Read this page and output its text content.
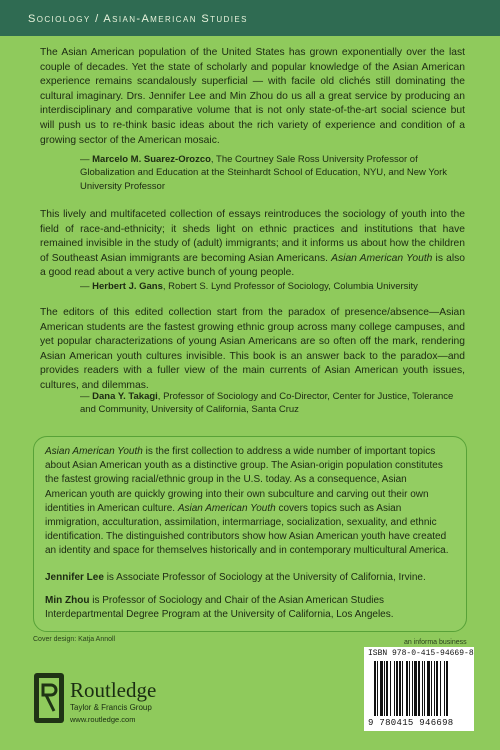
Sociology / Asian-American Studies

The Asian American population of the United States has grown exponentially over the last couple of decades. Yet the state of scholarly and popular knowledge of the Asian American experience remains scandalously superficial — with facile old clichés still dominating the cultural imaginary. Drs. Jennifer Lee and Min Zhou do us all a great service by producing an interdisciplinary and comparative volume that is not only state-of-the-art social science but will push us to re-think basic ideas about the rich variety of experience and condition of a growing sector of the American mosaic.

— Marcelo M. Suarez-Orozco, The Courtney Sale Ross University Professor of Globalization and Education at the Steinhardt School of Education, NYU, and New York University Professor

This lively and multifaceted collection of essays reintroduces the sociology of youth into the field of race-and-ethnicity; it sheds light on ethnic practices and institutions that have remained invisible in the study of (adult) immigrants; and it informs us about how the children of Southeast Asian immigrants are becoming Asian Americans. Asian American Youth is also a good read about a very active bunch of young people.

— Herbert J. Gans, Robert S. Lynd Professor of Sociology, Columbia University

The editors of this edited collection start from the paradox of presence/absence—Asian American students are the fastest growing ethnic group across many college campuses, and yet popular characterizations of young Asian Americans are so often off the mark, rendering Asian American youth cultures invisible. This book is an answer back to the paradox—and provides readers with a fuller view of the main currents of Asian American youth issues, cultures, and dilemmas.

— Dana Y. Takagi, Professor of Sociology and Co-Director, Center for Justice, Tolerance and Community, University of California, Santa Cruz

Asian American Youth is the first collection to address a wide number of important topics about Asian American youth as a distinctive group. The Asian-origin population constitutes the fastest growing racial/ethnic group in the U.S. today. As a consequence, Asian American youth are quickly growing into their own subculture and carving out their own identities in American culture. Asian American Youth covers topics such as Asian immigration, acculturation, assimilation, intermarriage, socialization, sexuality, and ethnic identification. The distinguished contributors show how Asian American youth have created an identity and space for themselves historically and in contemporary multicultural America.

Jennifer Lee is Associate Professor of Sociology at the University of California, Irvine.

Min Zhou is Professor of Sociology and Chair of the Asian American Studies Interdepartmental Degree Program at the University of California, Los Angeles.

Cover design: Katja Annoll	an informa business
ISBN 978-0-415-94669-8
9 780415 946698
Routledge
Taylor & Francis Group
www.routledge.com
